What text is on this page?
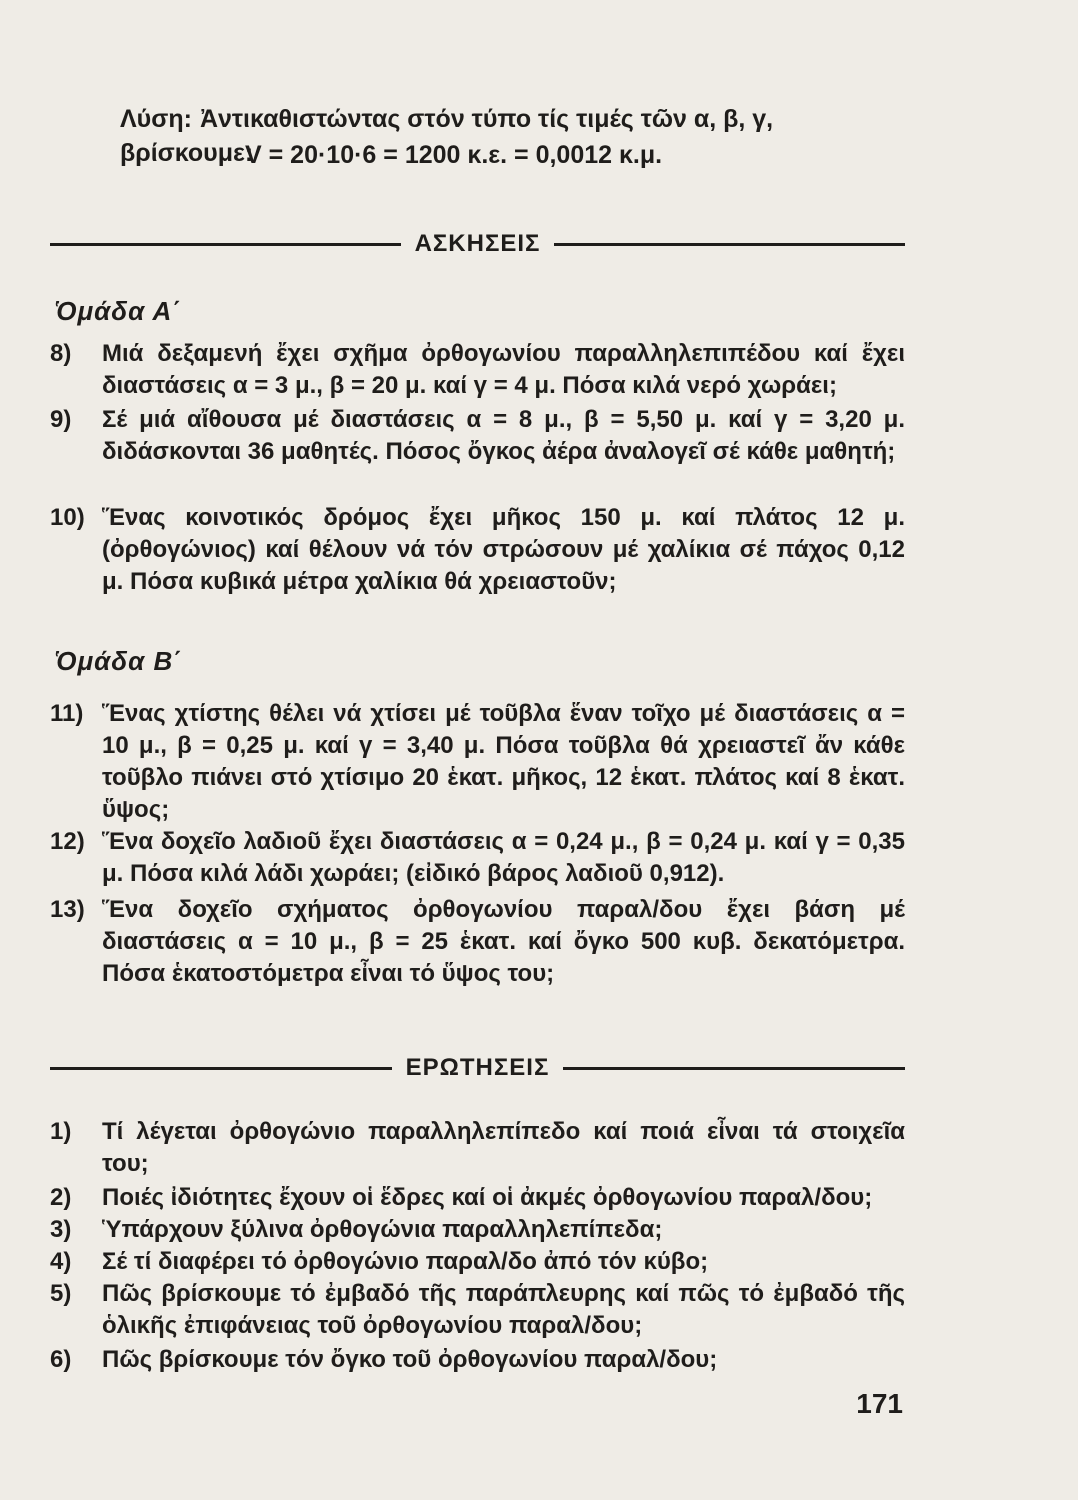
Λύση: Ἀντικαθιστώντας στόν τύπο τίς τιμές τῶν α, β, γ, βρίσκουμε:
V = 20·10·6 = 1200 κ.ε. = 0,0012 κ.μ.
ΑΣΚΗΣΕΙΣ
Ὁμάδα Α΄
8)	Μιά δεξαμενή ἔχει σχῆμα ὀρθογωνίου παραλληλεπιπέδου καί ἔχει διαστάσεις α = 3 μ., β = 20 μ. καί γ = 4 μ. Πόσα κιλά νερό χωράει;
9)	Σέ μιά αἴθουσα μέ διαστάσεις α = 8 μ., β = 5,50 μ. καί γ = 3,20 μ. διδάσκονται 36 μαθητές. Πόσος ὄγκος ἀέρα ἀναλογεῖ σέ κάθε μαθητή;
10) Ἕνας κοινοτικός δρόμος ἔχει μῆκος 150 μ. καί πλάτος 12 μ. (ὀρθογώνιος) καί θέλουν νά τόν στρώσουν μέ χαλίκια σέ πάχος 0,12 μ. Πόσα κυβικά μέτρα χαλίκια θά χρειαστοῦν;
Ὁμάδα Β΄
11) Ἕνας χτίστης θέλει νά χτίσει μέ τοῦβλα ἕναν τοῖχο μέ διαστάσεις α = 10 μ., β = 0,25 μ. καί γ = 3,40 μ. Πόσα τοῦβλα θά χρειαστεῖ ἄν κάθε τοῦβλο πιάνει στό χτίσιμο 20 ἑκατ. μῆκος, 12 ἑκατ. πλάτος καί 8 ἑκατ. ὕψος;
12) Ἕνα δοχεῖο λαδιοῦ ἔχει διαστάσεις α = 0,24 μ., β = 0,24 μ. καί γ = 0,35 μ. Πόσα κιλά λάδι χωράει; (εἰδικό βάρος λαδιοῦ 0,912).
13) Ἕνα δοχεῖο σχήματος ὀρθογωνίου παραλ/δου ἔχει βάση μέ διαστάσεις α = 10 μ., β = 25 ἑκατ. καί ὄγκο 500 κυβ. δεκατόμετρα. Πόσα ἑκατοστόμετρα εἶναι τό ὕψος του;
ΕΡΩΤΗΣΕΙΣ
1)	Τί λέγεται ὀρθογώνιο παραλληλεπίπεδο καί ποιά εἶναι τά στοιχεῖα του;
2)	Ποιές ἰδιότητες ἔχουν οἱ ἕδρες καί οἱ ἀκμές ὀρθογωνίου παραλ/δου;
3)	Ὑπάρχουν ξύλινα ὀρθογώνια παραλληλεπίπεδα;
4)	Σέ τί διαφέρει τό ὀρθογώνιο παραλ/δο ἀπό τόν κύβο;
5)	Πῶς βρίσκουμε τό ἐμβαδό τῆς παράπλευρης καί πῶς τό ἐμβαδό τῆς ὁλικῆς ἐπιφάνειας τοῦ ὀρθογωνίου παραλ/δου;
6)	Πῶς βρίσκουμε τόν ὄγκο τοῦ ὀρθογωνίου παραλ/δου;
171
